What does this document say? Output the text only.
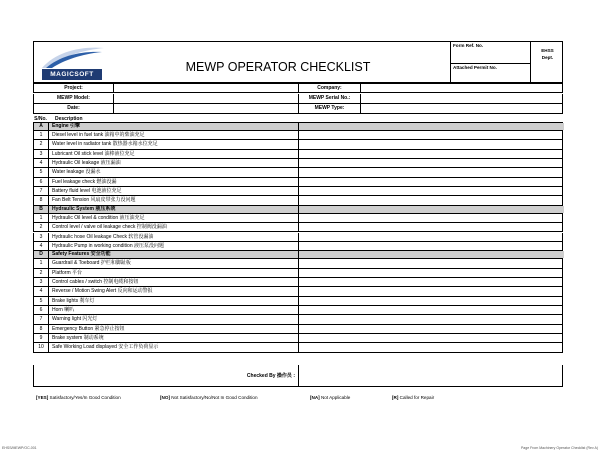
MAGICSOFT
MEWP OPERATOR CHECKLIST
Form Ref. No.
Attached Permit No.
EHSS
Dept.
Project:	Company:
MEWP Model:	MEWP Serial No.:
Date:	MEWP Type:
S/No. Description
A	Engine 引擎
1	Diesel level in fuel tank 油箱中的柴油充足
2	Water level in radiator tank 散热器水箱水位充足
3	Lubricant Oil stick level 油棒液位充足
4	Hydraulic Oil leakage 液压漏油
5	Water leakage 没漏水
6	Fuel leakage check 燃油没漏
7	Battery fluid level 电池液位充足
8	Fan Belt Tension 风扇皮带张力没问题
B	Hydraulic System 液压系统
1	Hydraulic Oil level & condition 液压油充足
2	Control level / valve oil leakage check 控制阀没漏油
3	Hydraulic hose Oil leakage Check 软管没漏油
4	Hydraulic Pump in working condition 液压泵没问题
D	Safety Features 安全功能
1	Guardrail & Toeboard 护栏和脚趾板
2	Platform 平台
3	Control cables / switch 控制电缆和按钮
4	Reverse / Motion Swing Alert 反向和运动警报
5	Brake lights 刹车灯
6	Horn 喇叭
7	Warning light 闪光灯
8	Emergency Button 紧急停止按钮
9	Brake system 制动系统
10	Safe Working Load displayed 安全工作负荷显示
Checked By 操作员 :
[YES] Satisfactory/Yes/In Good Condition	[NO] Not Satisfactory/No/Not In Good Condition	[NA] Not Applicable	[R] Called for Repair
EHSS/MEWP/OC-001	Page From Machinery Operator Checklist (Rev A)
